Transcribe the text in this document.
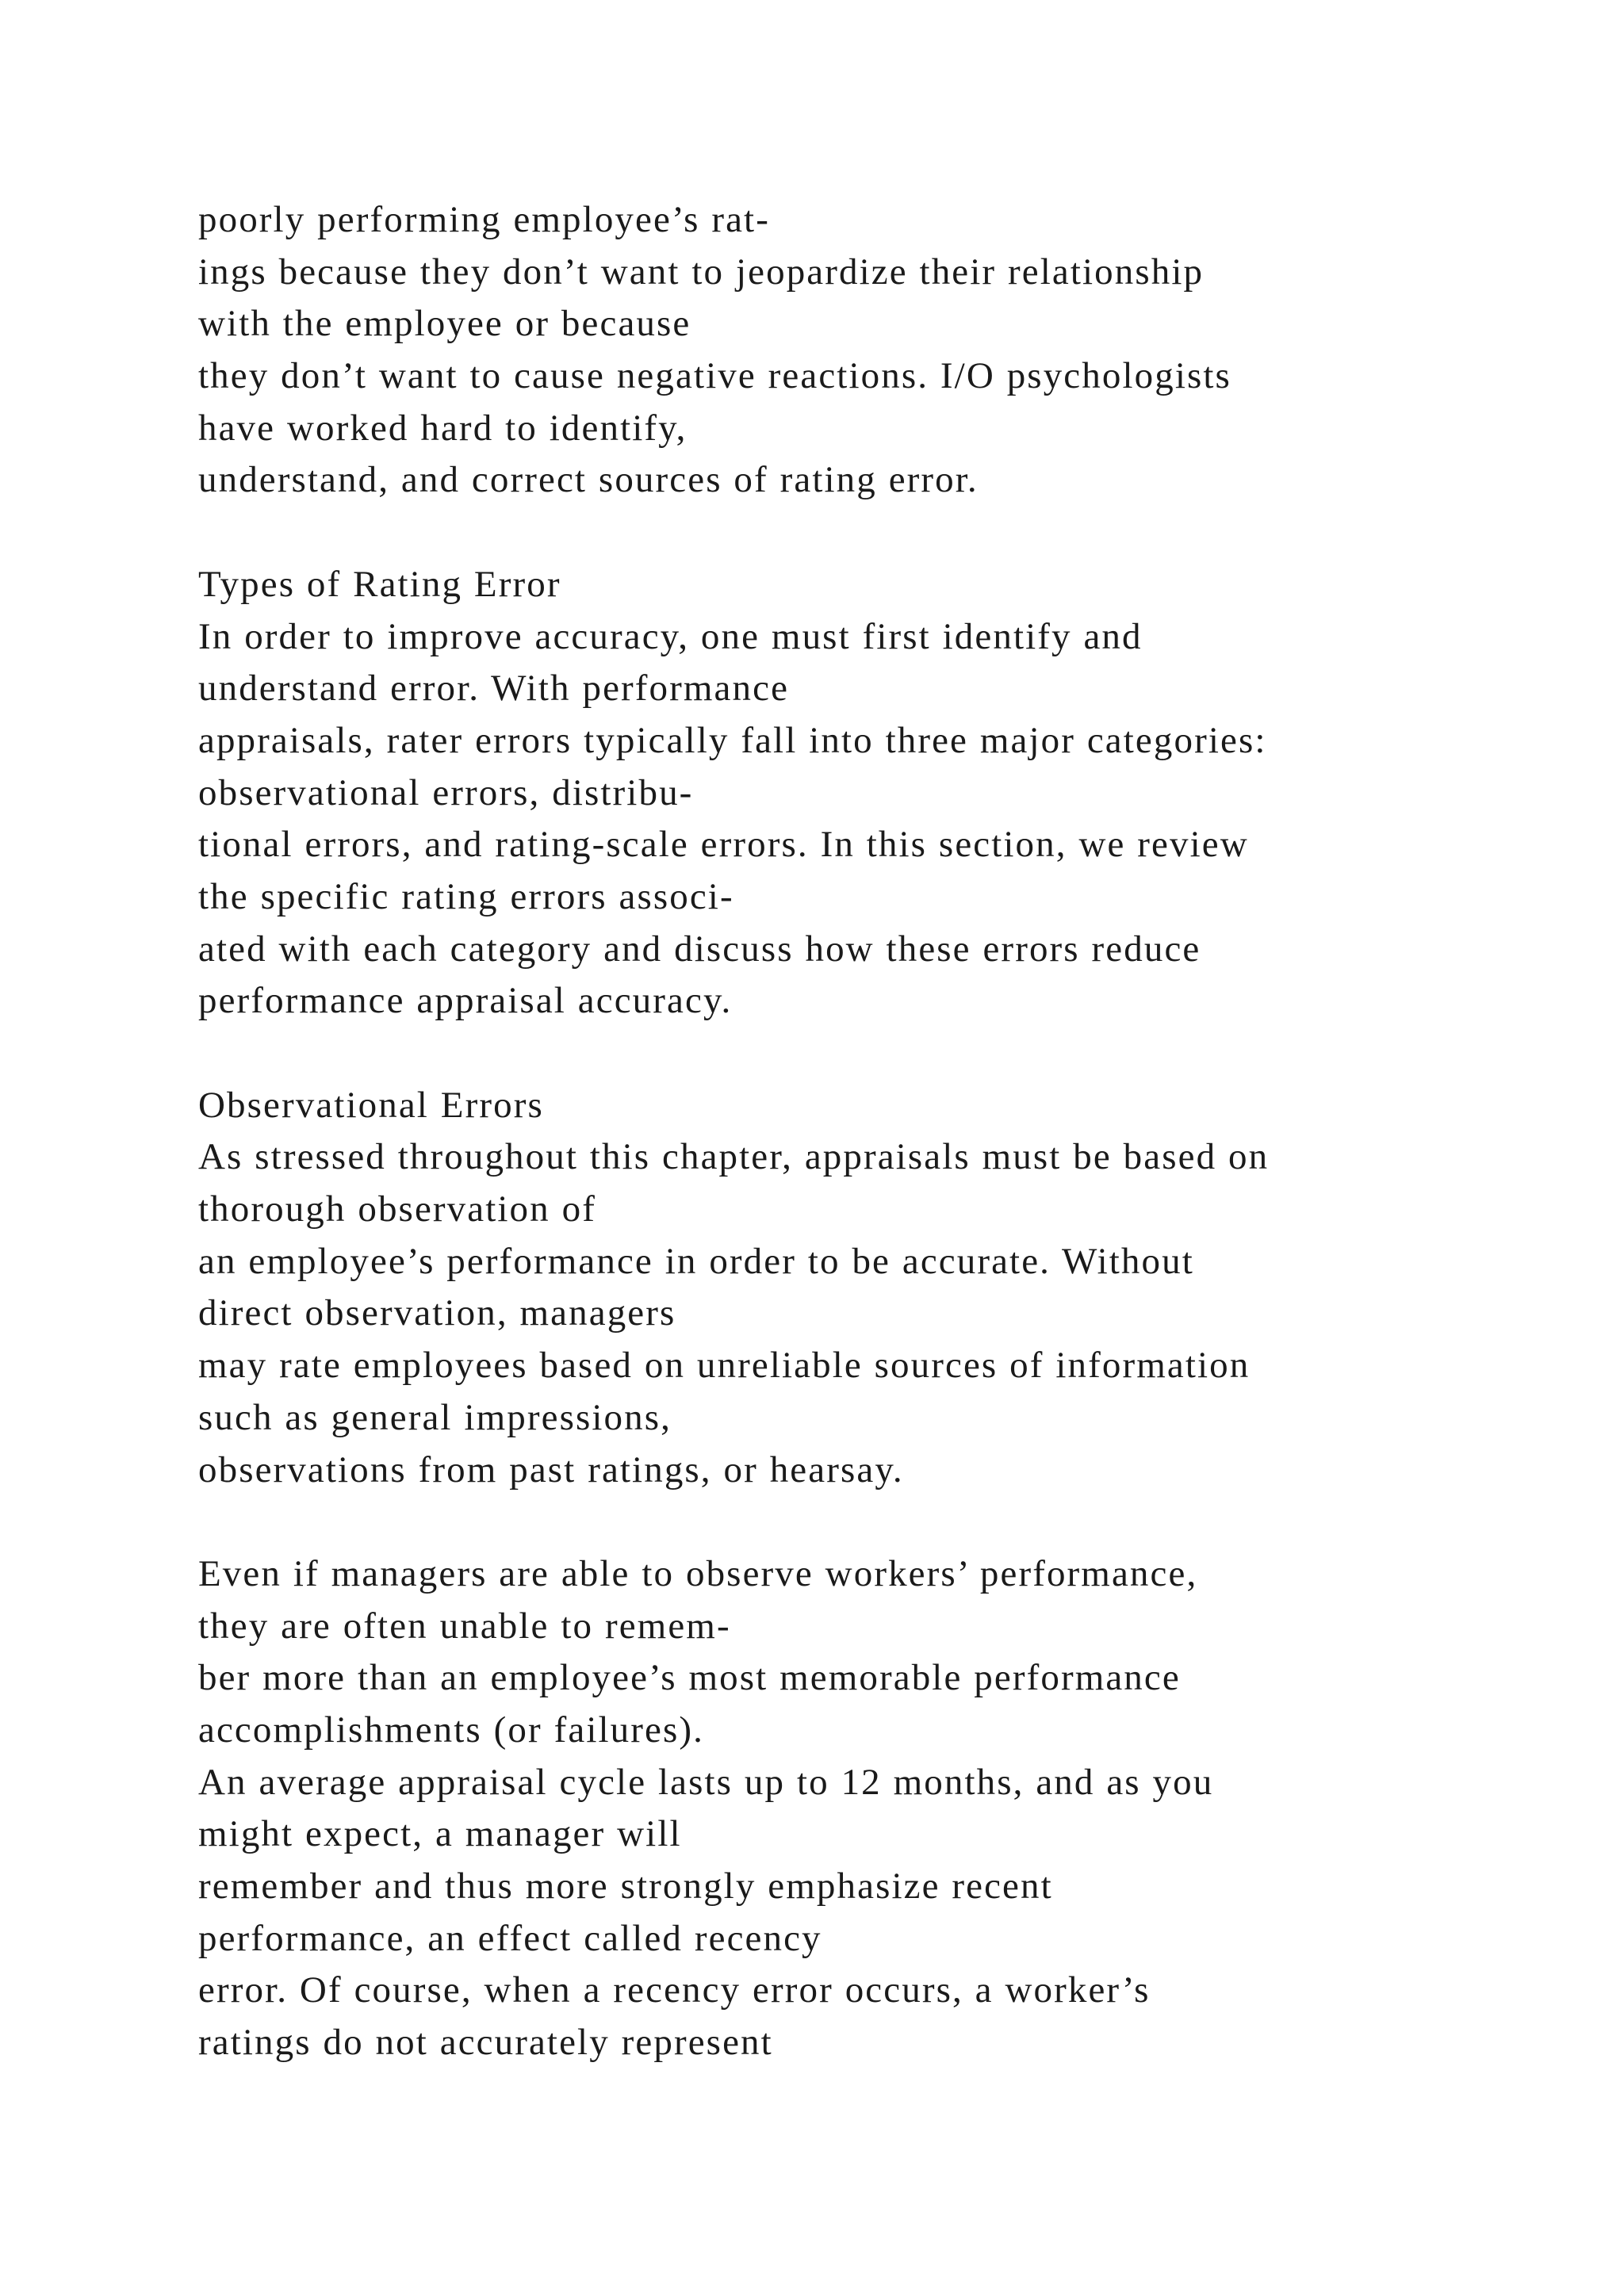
poorly performing employee’s rat-
ings because they don’t want to jeopardize their relationship
with the employee or because
they don’t want to cause negative reactions. I/O psychologists
have worked hard to identify,
understand, and correct sources of rating error.
Types of Rating Error
In order to improve accuracy, one must first identify and
understand error. With performance
appraisals, rater errors typically fall into three major categories:
observational errors, distribu-
tional errors, and rating-scale errors. In this section, we review
the specific rating errors associ-
ated with each category and discuss how these errors reduce
performance appraisal accuracy.
Observational Errors
As stressed throughout this chapter, appraisals must be based on
thorough observation of
an employee’s performance in order to be accurate. Without
direct observation, managers
may rate employees based on unreliable sources of information
such as general impressions,
observations from past ratings, or hearsay.
Even if managers are able to observe workers’ performance,
they are often unable to remem-
ber more than an employee’s most memorable performance
accomplishments (or failures).
An average appraisal cycle lasts up to 12 months, and as you
might expect, a manager will
remember and thus more strongly emphasize recent
performance, an effect called recency
error. Of course, when a recency error occurs, a worker’s
ratings do not accurately represent
